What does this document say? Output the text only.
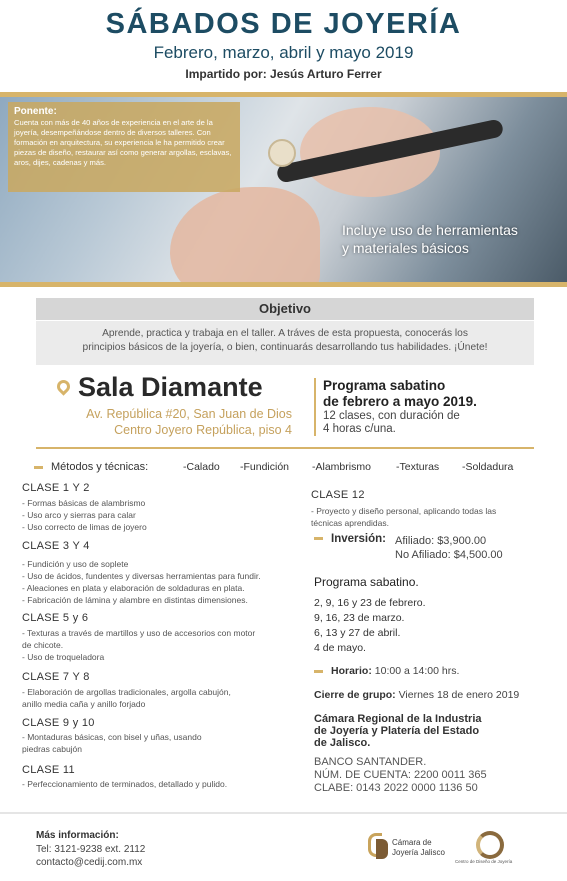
SÁBADOS DE JOYERÍA
Febrero, marzo, abril y mayo 2019
Impartido por: Jesús Arturo Ferrer
Ponente:

Cuenta con más de 40 años de experiencia en el arte de la joyería, desempeñándose dentro de diversos talleres. Con formación en arquitectura, su experiencia le ha permitido crear piezas de diseño, restaurar así como generar argollas, esclavas, aros, dijes, cadenas y más.

Incluye uso de herramientas
y materiales básicos
Objetivo
Aprende, practica y trabaja en el taller. A tráves de esta propuesta, conocerás los
principios básicos de la joyería, o bien, continuarás desarrollando tus habilidades. ¡Únete!
Sala Diamante
Av. República #20, San Juan de Dios
Centro Joyero República, piso 4
Programa sabatino
de febrero a mayo 2019.
12 clases, con duración de
4 horas c/una.
Métodos y técnicas:	-Calado -Fundición -Alambrismo -Texturas -Soldadura
CLASE 1 Y 2
- Formas básicas de alambrismo
- Uso arco y sierras para calar
- Uso correcto de limas de joyero
CLASE 3 Y 4
- Fundición y uso de soplete
- Uso de ácidos, fundentes y diversas herramientas para fundir.
- Aleaciones en plata y elaboración de soldaduras en plata.
- Fabricación de lámina y alambre en distintas dimensiones.
CLASE 5 y 6
- Texturas a través de martillos y uso de accesorios con motor
de chicote.
- Uso de troqueladora
CLASE 7 Y 8
- Elaboración de argollas tradicionales, argolla cabujón,
anillo media caña y anillo forjado
CLASE 9 y 10
- Montaduras básicas, con bisel y uñas, usando
piedras cabujón
CLASE 11
- Perfeccionamiento de terminados, detallado y pulido.
CLASE 12
- Proyecto y diseño personal, aplicando todas las
técnicas aprendidas.
Inversión: Afiliado: $3,900.00
No Afiliado: $4,500.00
Programa sabatino.
2, 9, 16 y 23 de febrero.
9, 16, 23 de marzo.
6, 13 y 27 de abril.
4 de mayo.
Horario: 10:00 a 14:00 hrs.
Cierre de grupo: Viernes 18 de enero 2019
Cámara Regional de la Industria
de Joyería y Platería del Estado
de Jalisco.
BANCO SANTANDER.
NÚM. DE CUENTA: 2200 0011 365
CLABE: 0143 2022 0000 1136 50
Más información:
Tel: 3121-9238 ext. 2112
contacto@cedij.com.mx
Cámara de
Joyería Jalisco
Centro de Diseño de Joyería
